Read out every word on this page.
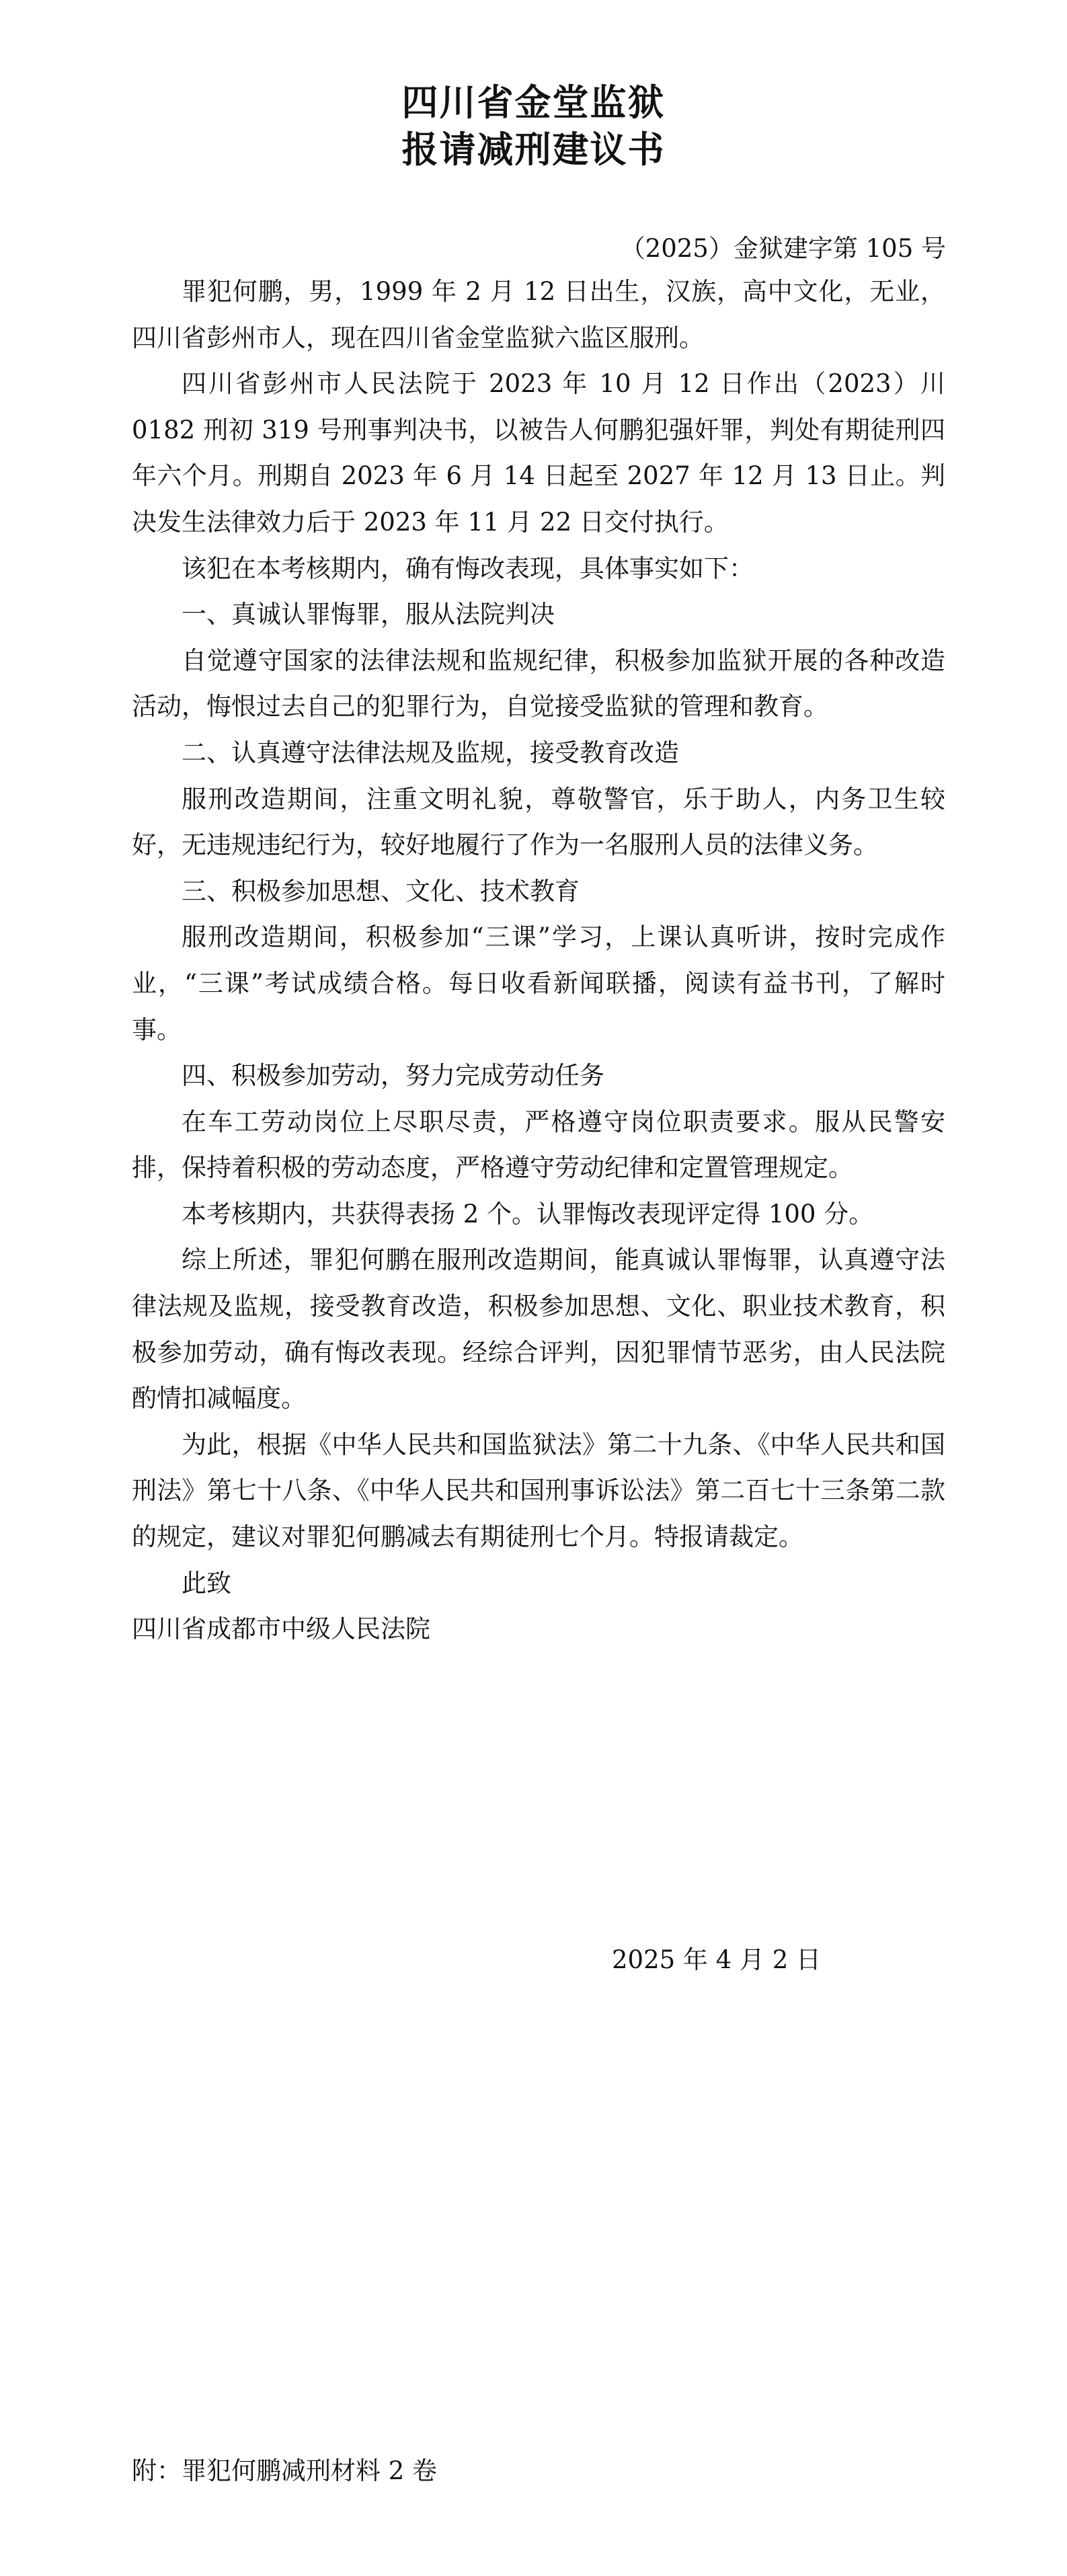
四川省金堂监狱
报请减刑建议书
（2025）金狱建字第 105 号

罪犯何鹏，男，1999 年 2 月 12 日出生，汉族，高中文化，无业，四川省彭州市人，现在四川省金堂监狱六监区服刑。

四川省彭州市人民法院于 2023 年 10 月 12 日作出（2023）川 0182 刑初 319 号刑事判决书，以被告人何鹏犯强奸罪，判处有期徒刑四年六个月。刑期自 2023 年 6 月 14 日起至 2027 年 12 月 13 日止。判决发生法律效力后于 2023 年 11 月 22 日交付执行。

该犯在本考核期内，确有悔改表现，具体事实如下：

一、真诚认罪悔罪，服从法院判决

自觉遵守国家的法律法规和监规纪律，积极参加监狱开展的各种改造活动，悔恨过去自己的犯罪行为，自觉接受监狱的管理和教育。

二、认真遵守法律法规及监规，接受教育改造

服刑改造期间，注重文明礼貌，尊敬警官，乐于助人，内务卫生较好，无违规违纪行为，较好地履行了作为一名服刑人员的法律义务。

三、积极参加思想、文化、技术教育

服刑改造期间，积极参加“三课”学习，上课认真听讲，按时完成作业，“三课”考试成绩合格。每日收看新闻联播，阅读有益书刊，了解时事。

四、积极参加劳动，努力完成劳动任务

在车工劳动岗位上尽职尽责，严格遵守岗位职责要求。服从民警安排，保持着积极的劳动态度，严格遵守劳动纪律和定置管理规定。

本考核期内，共获得表扬 2 个。认罪悔改表现评定得 100 分。

综上所述，罪犯何鹏在服刑改造期间，能真诚认罪悔罪，认真遵守法律法规及监规，接受教育改造，积极参加思想、文化、职业技术教育，积极参加劳动，确有悔改表现。经综合评判，因犯罪情节恶劣，由人民法院酌情扣减幅度。

为此，根据《中华人民共和国监狱法》第二十九条、《中华人民共和国刑法》第七十八条、《中华人民共和国刑事诉讼法》第二百七十三条第二款的规定，建议对罪犯何鹏减去有期徒刑七个月。特报请裁定。

此致

四川省成都市中级人民法院

2025 年 4 月 2 日
附：罪犯何鹏减刑材料 2 卷
